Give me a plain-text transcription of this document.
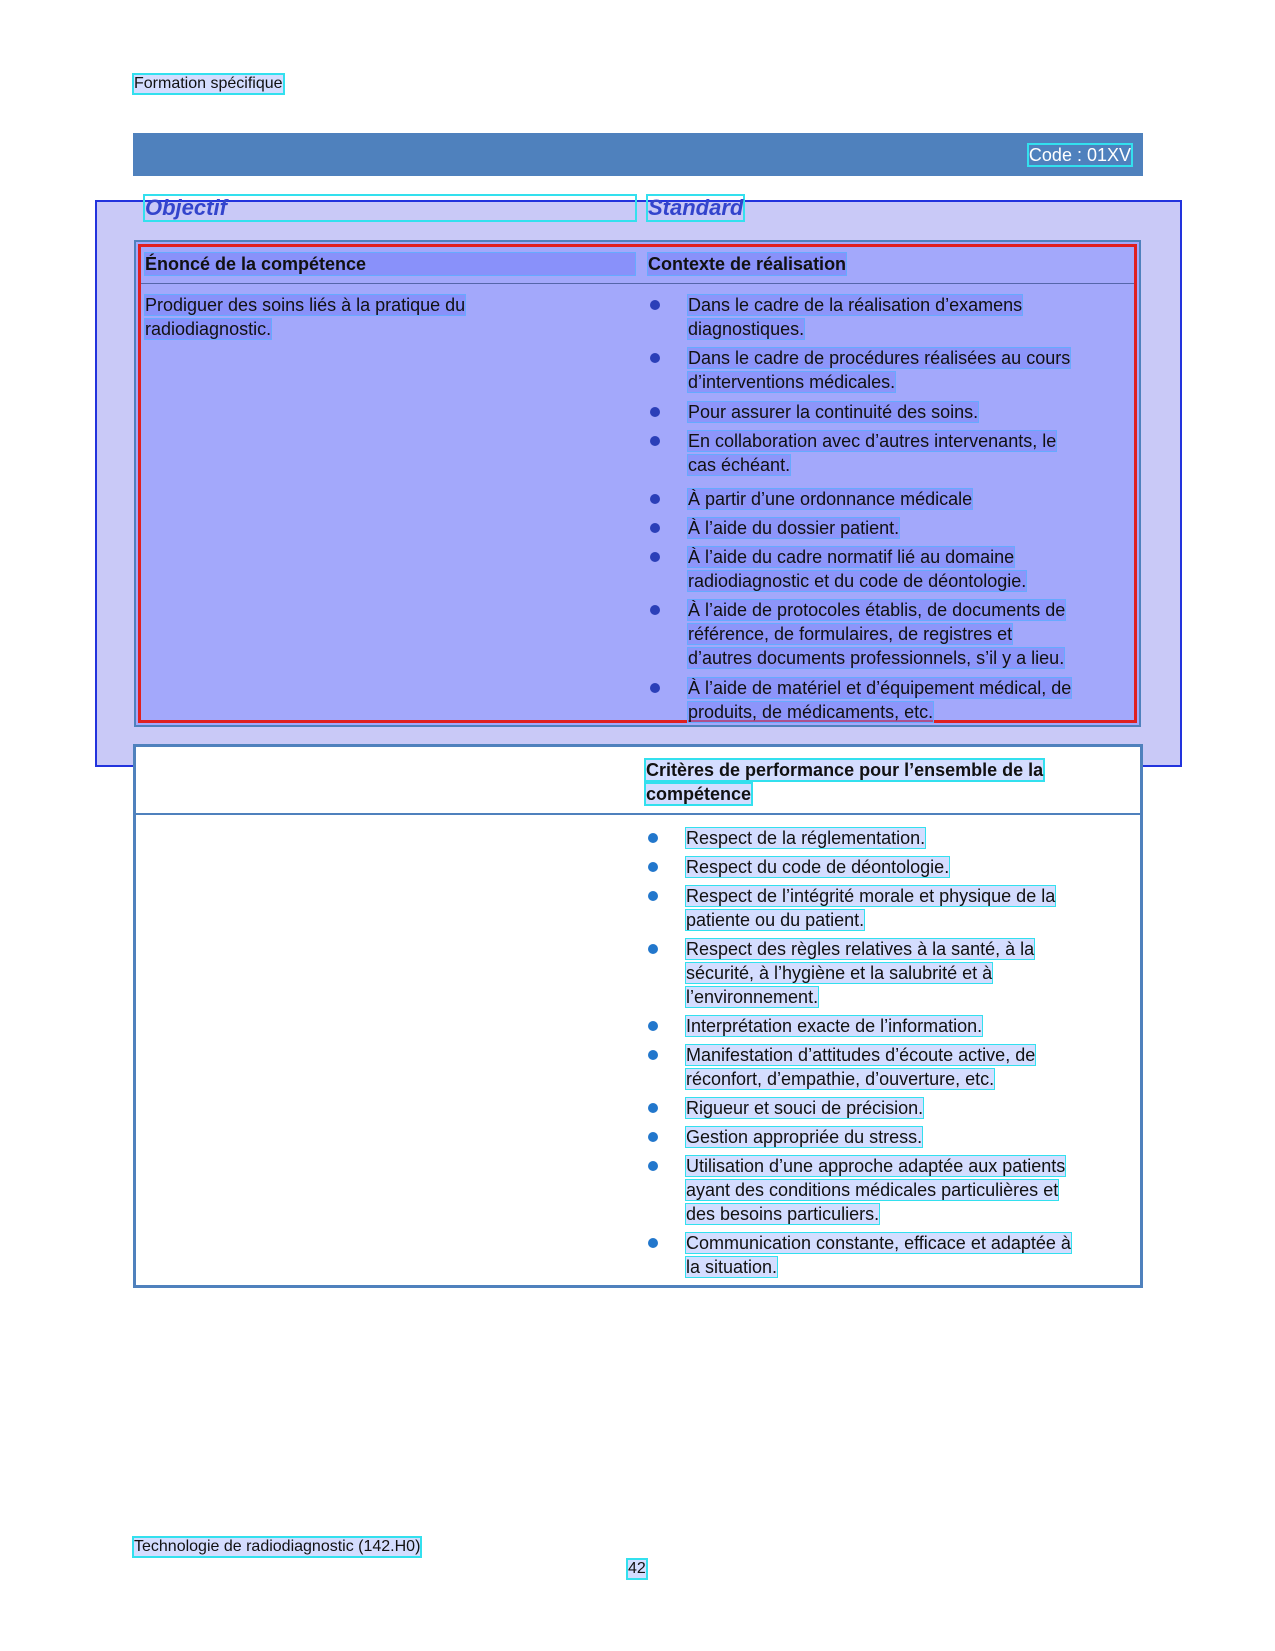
Formation spécifique
Code : 01XV
Objectif	Standard
Énoncé de la compétence	Contexte de réalisation
Prodiguer des soins liés à la pratique du
radiodiagnostic.
Dans le cadre de la réalisation d’examens
diagnostiques.
Dans le cadre de procédures réalisées au cours
d’interventions médicales.
Pour assurer la continuité des soins.
En collaboration avec d’autres intervenants, le
cas échéant.
À partir d’une ordonnance médicale
À l’aide du dossier patient.
À l’aide du cadre normatif lié au domaine
radiodiagnostic et du code de déontologie.
À l’aide de protocoles établis, de documents de
référence, de formulaires, de registres et
d’autres documents professionnels, s’il y a lieu.
À l’aide de matériel et d’équipement médical, de
produits, de médicaments, etc.
Critères de performance pour l’ensemble de la
compétence
Respect de la réglementation.
Respect du code de déontologie.
Respect de l’intégrité morale et physique de la
patiente ou du patient.
Respect des règles relatives à la santé, à la
sécurité, à l’hygiène et la salubrité et à
l’environnement.
Interprétation exacte de l’information.
Manifestation d’attitudes d’écoute active, de
réconfort, d’empathie, d’ouverture, etc.
Rigueur et souci de précision.
Gestion appropriée du stress.
Utilisation d’une approche adaptée aux patients
ayant des conditions médicales particulières et
des besoins particuliers.
Communication constante, efficace et adaptée à
la situation.
Technologie de radiodiagnostic (142.H0)
42
